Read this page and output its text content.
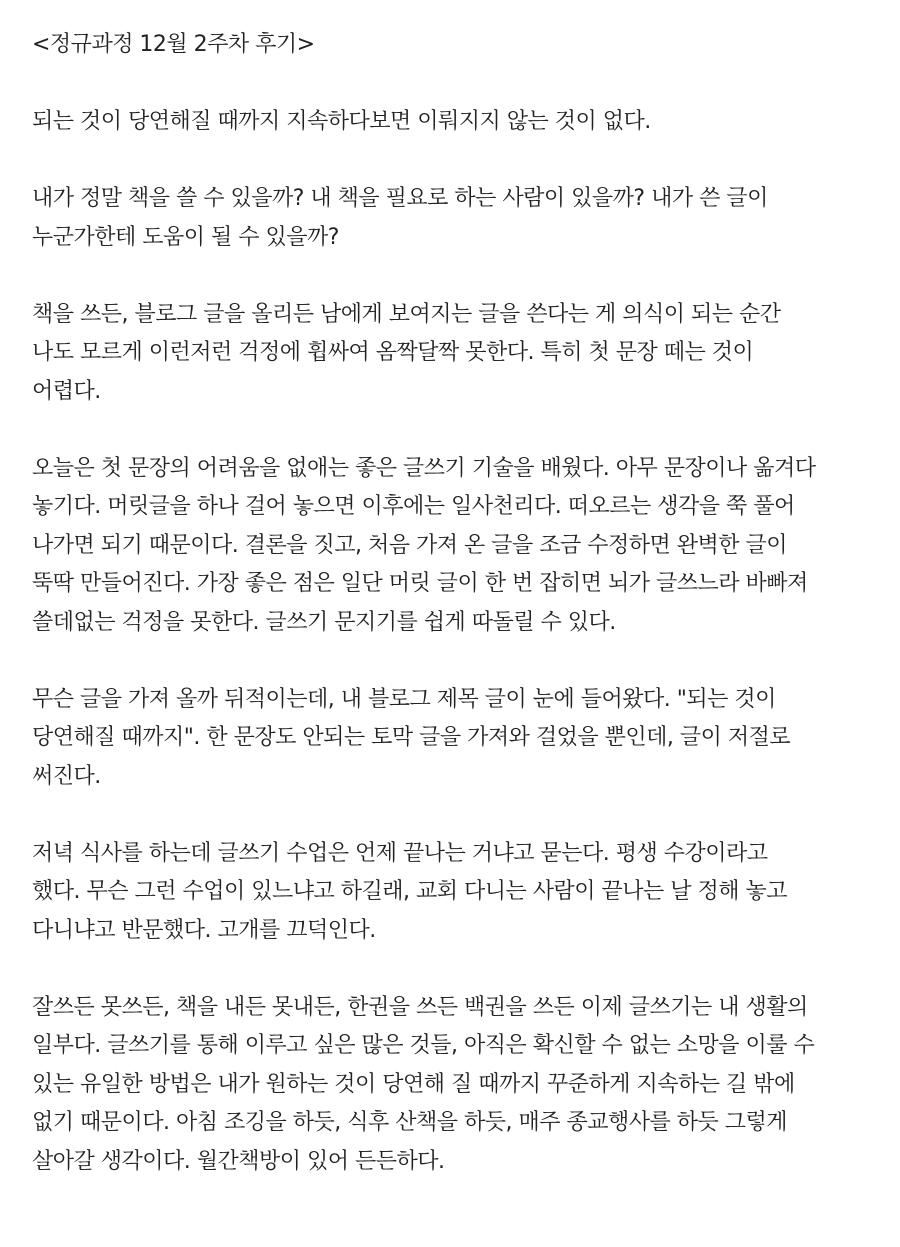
<정규과정 12월 2주차 후기>

되는 것이 당연해질 때까지 지속하다보면 이뤄지지 않는 것이 없다.

내가 정말 책을 쓸 수 있을까? 내 책을 필요로 하는 사람이 있을까? 내가 쓴 글이
누군가한테 도움이 될 수 있을까?

책을 쓰든, 블로그 글을 올리든 남에게 보여지는 글을 쓴다는 게 의식이 되는 순간
나도 모르게 이런저런 걱정에 휩싸여 옴짝달짝 못한다. 특히 첫 문장 떼는 것이
어렵다.

오늘은 첫 문장의 어려움을 없애는 좋은 글쓰기 기술을 배웠다. 아무 문장이나 옮겨다
놓기다. 머릿글을 하나 걸어 놓으면 이후에는 일사천리다. 떠오르는 생각을 쭉 풀어
나가면 되기 때문이다. 결론을 짓고, 처음 가져 온 글을 조금 수정하면 완벽한 글이
뚝딱 만들어진다. 가장 좋은 점은 일단 머릿 글이 한 번 잡히면 뇌가 글쓰느라 바빠져
쓸데없는 걱정을 못한다. 글쓰기 문지기를 쉽게 따돌릴 수 있다.

무슨 글을 가져 올까 뒤적이는데, 내 블로그 제목 글이 눈에 들어왔다. "되는 것이
당연해질 때까지". 한 문장도 안되는 토막 글을 가져와 걸었을 뿐인데, 글이 저절로
써진다.

저녁 식사를 하는데 글쓰기 수업은 언제 끝나는 거냐고 묻는다. 평생 수강이라고
했다. 무슨 그런 수업이 있느냐고 하길래, 교회 다니는 사람이 끝나는 날 정해 놓고
다니냐고 반문했다. 고개를 끄덕인다.

잘쓰든 못쓰든, 책을 내든 못내든, 한권을 쓰든 백권을 쓰든 이제 글쓰기는 내 생활의
일부다. 글쓰기를 통해 이루고 싶은 많은 것들, 아직은 확신할 수 없는 소망을 이룰 수
있는 유일한 방법은 내가 원하는 것이 당연해 질 때까지 꾸준하게 지속하는 길 밖에
없기 때문이다. 아침 조깅을 하듯, 식후 산책을 하듯, 매주 종교행사를 하듯 그렇게
살아갈 생각이다. 월간책방이 있어 든든하다.
